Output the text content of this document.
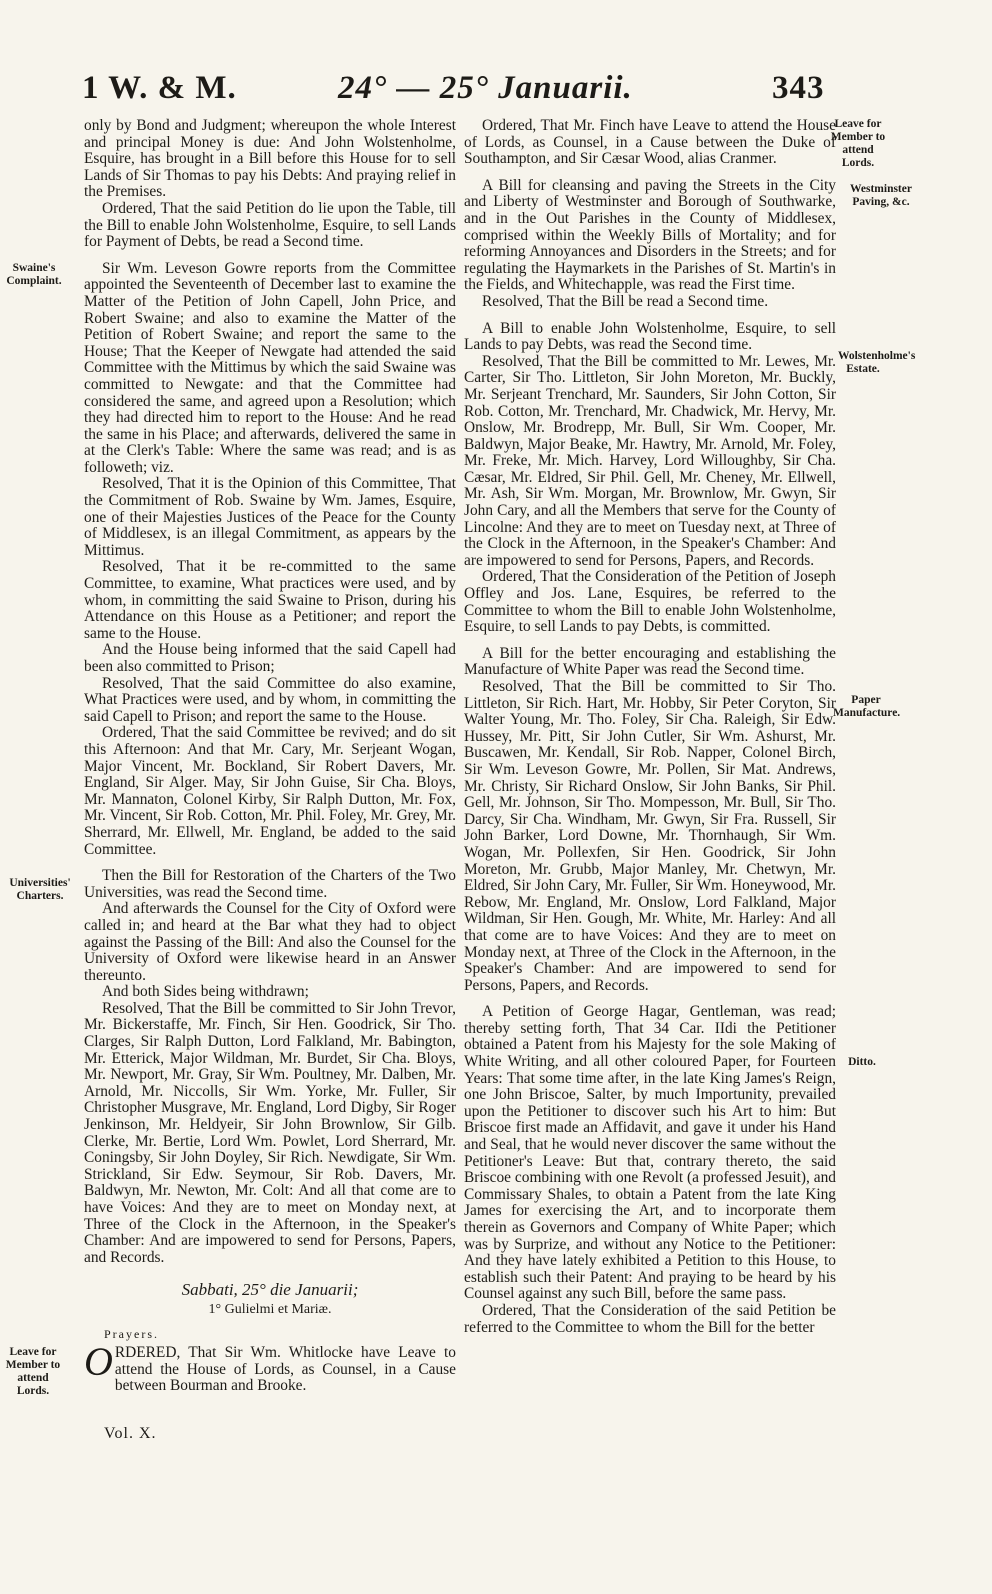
1 W. & M.	24° — 25° Januarii.	343
Swaine's Complaint.
Universities' Charters.
Leave for Member to attend Lords.
Leave for Member to attend Lords.
Westminster Paving, &c.
Wolstenholme's Estate.
Paper Manufacture.
Ditto.

only by Bond and Judgment; whereupon the whole Interest and principal Money is due: And John Wolstenholme, Esquire, has brought in a Bill before this House for to sell Lands of Sir Thomas to pay his Debts: And praying relief in the Premises.

Ordered, That the said Petition do lie upon the Table, till the Bill to enable John Wolstenholme, Esquire, to sell Lands for Payment of Debts, be read a Second time.

Sir Wm. Leveson Gowre reports from the Committee appointed the Seventeenth of December last to examine the Matter of the Petition of John Capell, John Price, and Robert Swaine; and also to examine the Matter of the Petition of Robert Swaine; and report the same to the House; That the Keeper of Newgate had attended the said Committee with the Mittimus by which the said Swaine was committed to Newgate: and that the Committee had considered the same, and agreed upon a Resolution; which they had directed him to report to the House: And he read the same in his Place; and afterwards, delivered the same in at the Clerk's Table: Where the same was read; and is as followeth; viz.

Resolved, That it is the Opinion of this Committee, That the Commitment of Rob. Swaine by Wm. James, Esquire, one of their Majesties Justices of the Peace for the County of Middlesex, is an illegal Commitment, as appears by the Mittimus.

Resolved, That it be re-committed to the same Committee, to examine, What practices were used, and by whom, in committing the said Swaine to Prison, during his Attendance on this House as a Petitioner; and report the same to the House.

And the House being informed that the said Capell had been also committed to Prison;

Resolved, That the said Committee do also examine, What Practices were used, and by whom, in committing the said Capell to Prison; and report the same to the House.

Ordered, That the said Committee be revived; and do sit this Afternoon: And that Mr. Cary, Mr. Serjeant Wogan, Major Vincent, Mr. Bockland, Sir Robert Davers, Mr. England, Sir Alger. May, Sir John Guise, Sir Cha. Bloys, Mr. Mannaton, Colonel Kirby, Sir Ralph Dutton, Mr. Fox, Mr. Vincent, Sir Rob. Cotton, Mr. Phil. Foley, Mr. Grey, Mr. Sherrard, Mr. Ellwell, Mr. England, be added to the said Committee.

Then the Bill for Restoration of the Charters of the Two Universities, was read the Second time.

And afterwards the Counsel for the City of Oxford were called in; and heard at the Bar what they had to object against the Passing of the Bill: And also the Counsel for the University of Oxford were likewise heard in an Answer thereunto.

And both Sides being withdrawn;

Resolved, That the Bill be committed to Sir John Trevor, Mr. Bickerstaffe, Mr. Finch, Sir Hen. Goodrick, Sir Tho. Clarges, Sir Ralph Dutton, Lord Falkland, Mr. Babington, Mr. Etterick, Major Wildman, Mr. Burdet, Sir Cha. Bloys, Mr. Newport, Mr. Gray, Sir Wm. Poultney, Mr. Dalben, Mr. Arnold, Mr. Niccolls, Sir Wm. Yorke, Mr. Fuller, Sir Christopher Musgrave, Mr. England, Lord Digby, Sir Roger Jenkinson, Mr. Heldyeir, Sir John Brownlow, Sir Gilb. Clerke, Mr. Bertie, Lord Wm. Powlet, Lord Sherrard, Mr. Coningsby, Sir John Doyley, Sir Rich. Newdigate, Sir Wm. Strickland, Sir Edw. Seymour, Sir Rob. Davers, Mr. Baldwyn, Mr. Newton, Mr. Colt: And all that come are to have Voices: And they are to meet on Monday next, at Three of the Clock in the Afternoon, in the Speaker's Chamber: And are impowered to send for Persons, Papers, and Records.

Sabbati, 25° die Januarii;
1° Gulielmi et Mariæ.
Prayers.

ORDERED, That Sir Wm. Whitlocke have Leave to attend the House of Lords, as Counsel, in a Cause between Bourman and Brooke.

Vol. X.

Ordered, That Mr. Finch have Leave to attend the House of Lords, as Counsel, in a Cause between the Duke of Southampton, and Sir Cæsar Wood, alias Cranmer.

A Bill for cleansing and paving the Streets in the City and Liberty of Westminster and Borough of Southwarke, and in the Out Parishes in the County of Middlesex, comprised within the Weekly Bills of Mortality; and for reforming Annoyances and Disorders in the Streets; and for regulating the Haymarkets in the Parishes of St. Martin's in the Fields, and Whitechapple, was read the First time.

Resolved, That the Bill be read a Second time.

A Bill to enable John Wolstenholme, Esquire, to sell Lands to pay Debts, was read the Second time.

Resolved, That the Bill be committed to Mr. Lewes, Mr. Carter, Sir Tho. Littleton, Sir John Moreton, Mr. Buckly, Mr. Serjeant Trenchard, Mr. Saunders, Sir John Cotton, Sir Rob. Cotton, Mr. Trenchard, Mr. Chadwick, Mr. Hervy, Mr. Onslow, Mr. Brodrepp, Mr. Bull, Sir Wm. Cooper, Mr. Baldwyn, Major Beake, Mr. Hawtry, Mr. Arnold, Mr. Foley, Mr. Freke, Mr. Mich. Harvey, Lord Willoughby, Sir Cha. Cæsar, Mr. Eldred, Sir Phil. Gell, Mr. Cheney, Mr. Ellwell, Mr. Ash, Sir Wm. Morgan, Mr. Brownlow, Mr. Gwyn, Sir John Cary, and all the Members that serve for the County of Lincolne: And they are to meet on Tuesday next, at Three of the Clock in the Afternoon, in the Speaker's Chamber: And are impowered to send for Persons, Papers, and Records.

Ordered, That the Consideration of the Petition of Joseph Offley and Jos. Lane, Esquires, be referred to the Committee to whom the Bill to enable John Wolstenholme, Esquire, to sell Lands to pay Debts, is committed.

A Bill for the better encouraging and establishing the Manufacture of White Paper was read the Second time.

Resolved, That the Bill be committed to Sir Tho. Littleton, Sir Rich. Hart, Mr. Hobby, Sir Peter Coryton, Sir Walter Young, Mr. Tho. Foley, Sir Cha. Raleigh, Sir Edw. Hussey, Mr. Pitt, Sir John Cutler, Sir Wm. Ashurst, Mr. Buscawen, Mr. Kendall, Sir Rob. Napper, Colonel Birch, Sir Wm. Leveson Gowre, Mr. Pollen, Sir Mat. Andrews, Mr. Christy, Sir Richard Onslow, Sir John Banks, Sir Phil. Gell, Mr. Johnson, Sir Tho. Mompesson, Mr. Bull, Sir Tho. Darcy, Sir Cha. Windham, Mr. Gwyn, Sir Fra. Russell, Sir John Barker, Lord Downe, Mr. Thornhaugh, Sir Wm. Wogan, Mr. Pollexfen, Sir Hen. Goodrick, Sir John Moreton, Mr. Grubb, Major Manley, Mr. Chetwyn, Mr. Eldred, Sir John Cary, Mr. Fuller, Sir Wm. Honeywood, Mr. Rebow, Mr. England, Mr. Onslow, Lord Falkland, Major Wildman, Sir Hen. Gough, Mr. White, Mr. Harley: And all that come are to have Voices: And they are to meet on Monday next, at Three of the Clock in the Afternoon, in the Speaker's Chamber: And are impowered to send for Persons, Papers, and Records.

A Petition of George Hagar, Gentleman, was read; thereby setting forth, That 34 Car. IIdi the Petitioner obtained a Patent from his Majesty for the sole Making of White Writing, and all other coloured Paper, for Fourteen Years: That some time after, in the late King James's Reign, one John Briscoe, Salter, by much Importunity, prevailed upon the Petitioner to discover such his Art to him: But Briscoe first made an Affidavit, and gave it under his Hand and Seal, that he would never discover the same without the Petitioner's Leave: But that, contrary thereto, the said Briscoe combining with one Revolt (a professed Jesuit), and Commissary Shales, to obtain a Patent from the late King James for exercising the Art, and to incorporate them therein as Governors and Company of White Paper; which was by Surprize, and without any Notice to the Petitioner: And they have lately exhibited a Petition to this House, to establish such their Patent: And praying to be heard by his Counsel against any such Bill, before the same pass.

Ordered, That the Consideration of the said Petition be referred to the Committee to whom the Bill for the better
